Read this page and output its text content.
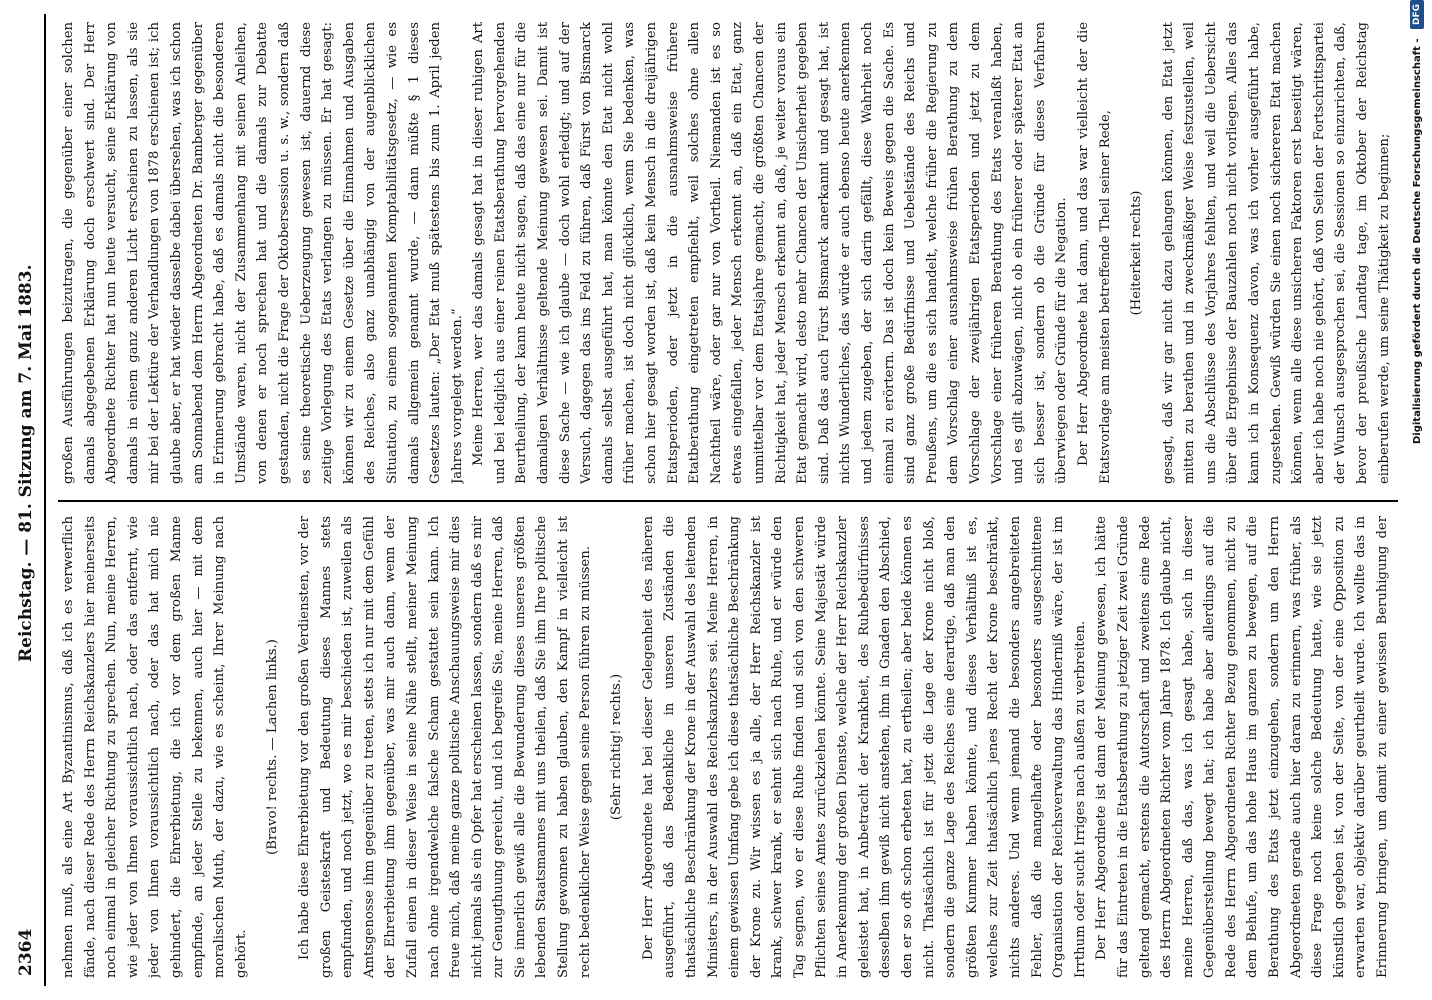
2364
Reichstag. — 81. Sitzung am 7. Mai 1883.

nehmen muß, als eine Art Byzantinismus, daß ich es verwerflich fände, nach dieser Rede des Herrn Reichskanzlers hier meinerseits noch einmal in gleicher Richtung zu sprechen. Nun, meine Herren, wie jeder von Ihnen voraussichtlich nach, oder das entfernt, wie jeder von Ihnen voraussichtlich nach, oder das hat mich nie gehindert, die Ehrerbietung, die ich vor dem großen Manne empfinde, an jeder Stelle zu bekennen, auch hier — mit dem moralischen Muth, der dazu, wie es scheint, Ihrer Meinung nach gehört.

(Bravo! rechts. — Lachen links.) Ich habe diese Ehrerbietung vor den großen Verdiensten, vor der großen Geisteskraft und Bedeutung dieses Mannes stets empfunden, und noch jetzt, wo es mir beschieden ist, zuweilen als Amtsgenosse ihm gegenüber zu treten, stets ich nur mit dem Gefühl der Ehrerbietung ihm gegenüber, was mir auch dann, wenn der Zufall einen in dieser Weise in seine Nähe stellt, meiner Meinung nach ohne irgendwelche falsche Scham gestattet sein kann. Ich freue mich, daß meine ganze politische Anschauungsweise mir dies nicht jemals als ein Opfer hat erscheinen lassen, sondern daß es mir zur Genugthuung gereicht, und ich begreife Sie, meine Herren, daß Sie innerlich gewiß alle die Bewunderung dieses unseres größten lebenden Staatsmannes mit uns theilen, daß Sie ihm Ihre politische Stellung gewonnen zu haben glauben, den Kampf in vielleicht ist recht bedenklicher Weise gegen seine Person führen zu müssen. (Sehr richtig! rechts.) Der Herr Abgeordnete hat bei dieser Gelegenheit des näheren ausgeführt, daß das Bedenkliche in unseren Zuständen die thatsächliche Beschränkung der Krone in der Auswahl des leitenden Ministers, in der Auswahl des Reichskanzlers sei. Meine Herren, in einem gewissen Umfang gebe ich diese thatsächliche Beschränkung der Krone zu. Wir wissen es ja alle, der Herr Reichskanzler ist krank, schwer krank, er sehnt sich nach Ruhe, und er würde den Tag segnen, wo er diese Ruhe finden und sich von den schweren Pflichten seines Amtes zurückziehen könnte. Seine Majestät würde in Anerkennung der großen Dienste, welche der Herr Reichskanzler geleistet hat, in Anbetracht der Krankheit, des Ruhebedürfnisses desselben ihm gewiß nicht anstehen, ihm in Gnaden den Abschied, den er so oft schon erbeten hat, zu ertheilen; aber beide können es nicht. Thatsächlich ist für jetzt die Lage der Krone nicht bloß, sondern die ganze Lage des Reiches eine derartige, daß man den größten Kummer haben könnte, und dieses Verhältniß ist es, welches zur Zeit thatsächlich jenes Recht der Krone beschränkt, nichts anderes. Und wenn jemand die besonders angebreiteten Fehler, daß die mangelhafte oder besonders ausgeschnittene Organisation der Reichsverwaltung das Hinderniß wäre, der ist im Irrthum oder sucht Irriges nach außen zu verbreiten. Der Herr Abgeordnete ist dann der Meinung gewesen, ich hätte für das Eintreten in die Etatsberathung zu jetziger Zeit zwei Gründe geltend gemacht, erstens die Autorschaft und zweitens eine Rede des Herrn Abgeordneten Richter vom Jahre 1878. Ich glaube nicht, meine Herren, daß das, was ich gesagt habe, sich in dieser Gegenüberstellung bewegt hat; ich habe aber allerdings auf die Rede des Herrn Abgeordneten Richter Bezug genommen, nicht zu dem Behufe, um das hohe Haus im ganzen zu bewegen, auf die Berathung des Etats jetzt einzugehen, sondern um den Herrn Abgeordneten gerade auch hier daran zu erinnern, was früher, als diese Frage noch keine solche Bedeutung hatte, wie sie jetzt künstlich gegeben ist, von der Seite, von der eine Opposition zu erwarten war, objektiv darüber geurtheilt wurde. Ich wollte das in Erinnerung bringen, um damit zu einer gewissen Beruhigung der

großen Ausführungen beizutragen, die gegenüber einer solchen damals abgegebenen Erklärung doch erschwert sind. Der Herr Abgeordnete Richter hat nun heute versucht, seine Erklärung von damals in einem ganz anderen Licht erscheinen zu lassen, als sie mir bei der Lektüre der Verhandlungen von 1878 erschienen ist; ich glaube aber, er hat wieder dasselbe dabei übersehen, was ich schon am Sonnabend dem Herrn Abgeordneten Dr. Bamberger gegenüber in Erinnerung gebracht habe, daß es damals nicht die besonderen Umstände waren, nicht der Zusammenhang mit seinen Anleihen, von denen er noch sprechen hat und die damals zur Debatte gestanden, nicht die Frage der Oktobersession u. s. w., sondern daß es seine theoretische Ueberzeugung gewesen ist, dauernd diese zeitige Vorlegung des Etats verlangen zu müssen. Er hat gesagt: können wir zu einem Gesetze über die Einnahmen und Ausgaben des Reiches, also ganz unabhängig von der augenblicklichen Situation, zu einem sogenannten Komptabilitätsgesetz, — wie es damals allgemein genannt wurde, — dann müßte § 1 dieses Gesetzes lauten: „Der Etat muß spätestens bis zum 1. April jeden Jahres vorgelegt werden.“ Meine Herren, wer das damals gesagt hat in dieser ruhigen Art und bei lediglich aus einer reinen Etatsberathung hervorgehenden Beurtheilung, der kann heute nicht sagen, daß das eine nur für die damaligen Verhältnisse geltende Meinung gewesen sei. Damit ist diese Sache — wie ich glaube — doch wohl erledigt; und auf der Versuch, dagegen das ins Feld zu führen, daß Fürst von Bismarck damals selbst ausgeführt hat, man könnte den Etat nicht wohl früher machen, ist doch nicht glücklich, wenn Sie bedenken, was schon hier gesagt worden ist, daß kein Mensch in die dreijährigen Etatsperioden, oder jetzt in die ausnahmsweise frühere Etatberathung eingetreten empfiehlt, weil solches ohne allen Nachtheil wäre, oder gar nur von Vortheil. Niemanden ist es so etwas eingefallen, jeder Mensch erkennt an, daß ein Etat, ganz unmittelbar vor dem Etatsjahre gemacht, die größten Chancen der Richtigkeit hat, jeder Mensch erkennt an, daß, je weiter voraus ein Etat gemacht wird, desto mehr Chancen der Unsicherheit gegeben sind. Daß das auch Fürst Bismarck anerkannt und gesagt hat, ist nichts Wunderliches, das würde er auch ebenso heute anerkennen und jedem zugeben, der sich darin gefällt, diese Wahrheit noch einmal zu erörtern. Das ist doch kein Beweis gegen die Sache. Es sind ganz große Bedürfnisse und Uebelstände des Reichs und Preußens, um die es sich handelt, welche früher die Regierung zu dem Vorschlag einer ausnahmsweise frühen Berathung zu dem Vorschlage der zweijährigen Etatsperioden und jetzt zu dem Vorschlage einer früheren Berathung des Etats veranlaßt haben, und es gilt abzuwägen, nicht ob ein früherer oder späterer Etat an sich besser ist, sondern ob die Gründe für dieses Verfahren überwiegen oder Gründe für die Negation. Der Herr Abgeordnete hat dann, und das war vielleicht der die Etatsvorlage am meisten betreffende Theil seiner Rede, (Heiterkeit rechts) gesagt, daß wir gar nicht dazu gelangen können, den Etat jetzt mitten zu berathen und in zweckmäßiger Weise festzustellen, weil uns die Abschlüsse des Vorjahres fehlten, und weil die Uebersicht über die Ergebnisse der Bauzahlen noch nicht vorliegen. Alles das kann ich in Konsequenz davon, was ich vorher ausgeführt habe, zugestehen. Gewiß würden Sie einen noch sichereren Etat machen können, wenn alle diese unsicheren Faktoren erst beseitigt wären, aber ich habe noch nie gehört, daß von Seiten der Fortschrittspartei der Wunsch ausgesprochen sei, die Sessionen so einzurichten, daß, bevor der preußische Landtag tage, im Oktober der Reichstag einberufen werde, um seine Thätigkeit zu beginnen;	Digitalisierung gefördert durch die Deutsche Forschungsgemeinschaft - DFG
